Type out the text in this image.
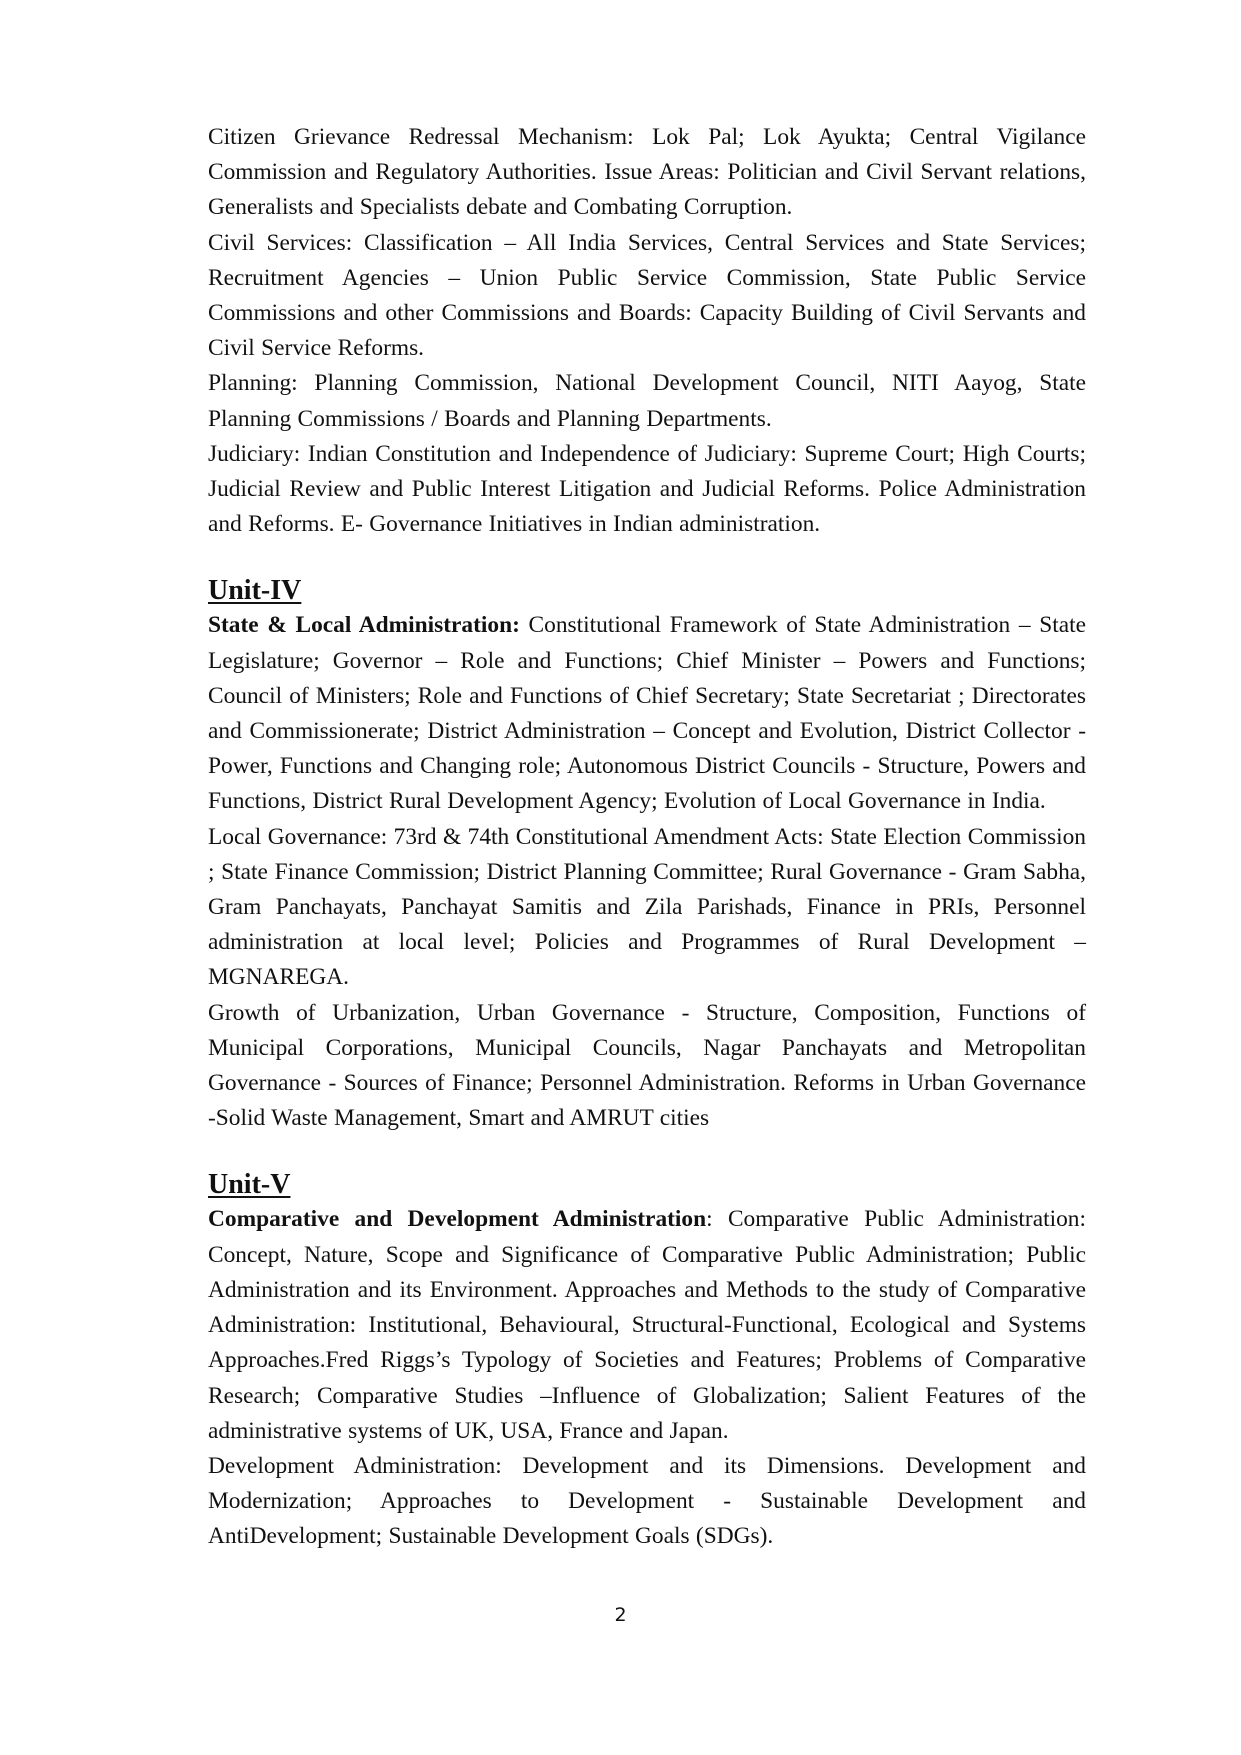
Citizen Grievance Redressal Mechanism: Lok Pal; Lok Ayukta; Central Vigilance Commission and Regulatory Authorities. Issue Areas: Politician and Civil Servant relations, Generalists and Specialists debate and Combating Corruption.

Civil Services: Classification – All India Services, Central Services and State Services; Recruitment Agencies – Union Public Service Commission, State Public Service Commissions and other Commissions and Boards: Capacity Building of Civil Servants and Civil Service Reforms.

Planning: Planning Commission, National Development Council, NITI Aayog, State Planning Commissions / Boards and Planning Departments.

Judiciary: Indian Constitution and Independence of Judiciary: Supreme Court; High Courts; Judicial Review and Public Interest Litigation and Judicial Reforms. Police Administration and Reforms. E- Governance Initiatives in Indian administration.

Unit-IV

State & Local Administration: Constitutional Framework of State Administration – State Legislature; Governor – Role and Functions; Chief Minister – Powers and Functions; Council of Ministers; Role and Functions of Chief Secretary; State Secretariat ; Directorates and Commissionerate; District Administration – Concept and Evolution, District Collector - Power, Functions and Changing role; Autonomous District Councils - Structure, Powers and Functions, District Rural Development Agency; Evolution of Local Governance in India.

Local Governance: 73rd & 74th Constitutional Amendment Acts: State Election Commission ; State Finance Commission; District Planning Committee; Rural Governance - Gram Sabha, Gram Panchayats, Panchayat Samitis and Zila Parishads, Finance in PRIs, Personnel administration at local level; Policies and Programmes of Rural Development – MGNAREGA.

Growth of Urbanization, Urban Governance - Structure, Composition, Functions of Municipal Corporations, Municipal Councils, Nagar Panchayats and Metropolitan Governance - Sources of Finance; Personnel Administration. Reforms in Urban Governance -Solid Waste Management, Smart and AMRUT cities

Unit-V

Comparative and Development Administration: Comparative Public Administration: Concept, Nature, Scope and Significance of Comparative Public Administration; Public Administration and its Environment. Approaches and Methods to the study of Comparative Administration: Institutional, Behavioural, Structural-Functional, Ecological and Systems Approaches.Fred Riggs’s Typology of Societies and Features; Problems of Comparative Research; Comparative Studies –Influence of Globalization; Salient Features of the administrative systems of UK, USA, France and Japan.

Development Administration: Development and its Dimensions. Development and Modernization; Approaches to Development - Sustainable Development and AntiDevelopment; Sustainable Development Goals (SDGs).

2
